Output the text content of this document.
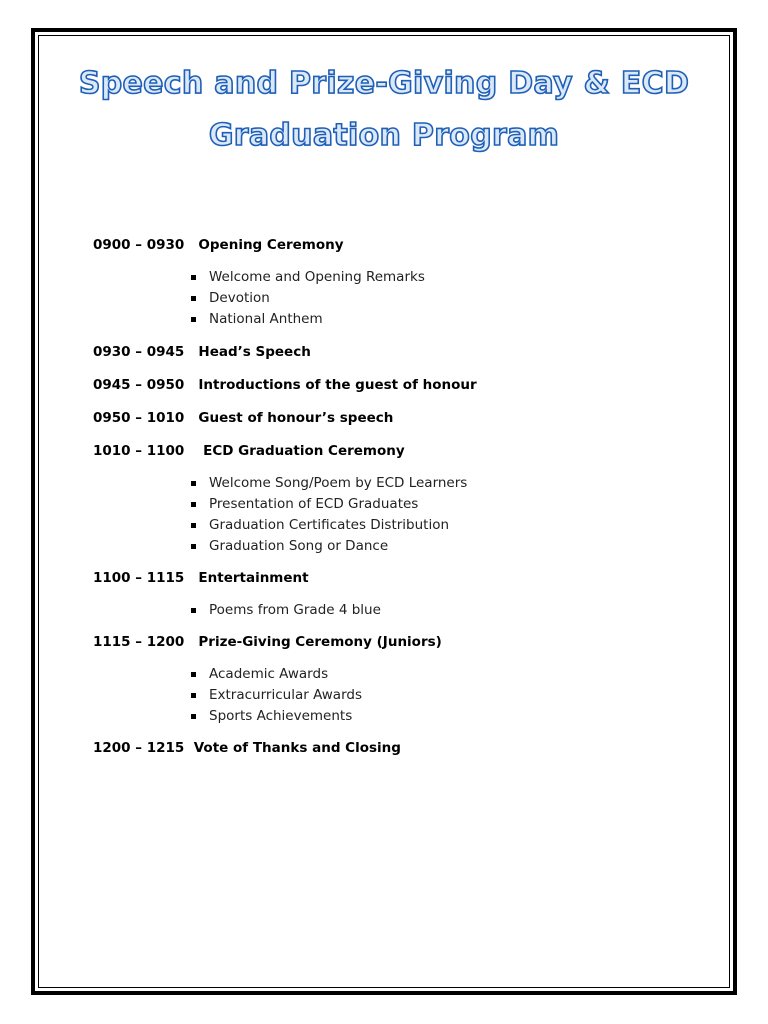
Speech and Prize-Giving Day & ECD
Graduation Program

0900 – 0930 Opening Ceremony

Welcome and Opening Remarks
Devotion
National Anthem

0930 – 0945 Head’s Speech

0945 – 0950 Introductions of the guest of honour

0950 – 1010 Guest of honour’s speech

1010 – 1100 ECD Graduation Ceremony

Welcome Song/Poem by ECD Learners
Presentation of ECD Graduates
Graduation Certificates Distribution
Graduation Song or Dance

1100 – 1115 Entertainment

Poems from Grade 4 blue

1115 – 1200 Prize-Giving Ceremony (Juniors)

Academic Awards
Extracurricular Awards
Sports Achievements

1200 – 1215 Vote of Thanks and Closing
